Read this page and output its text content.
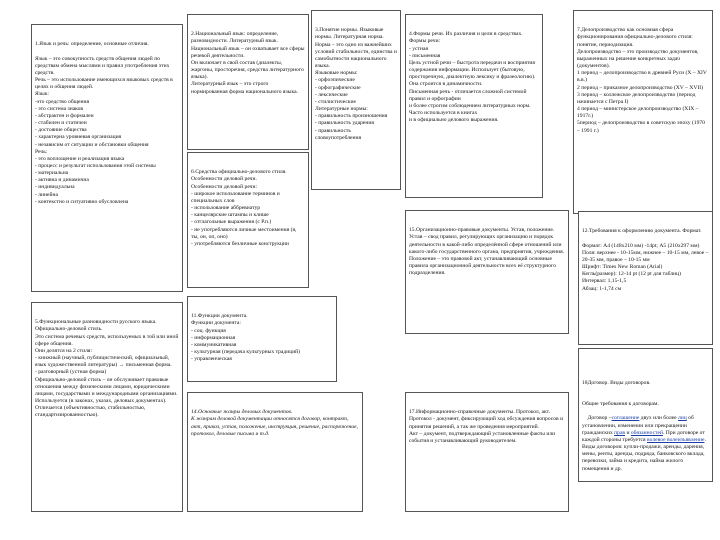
1.Язык и речь: определение, основные отличия.

Язык – это совокупность средств общения людей по средствам обмена мыслями и правил употребления этих средств.
Речь – это использование имеющихся языковых средств в целях и общения людей.
Язык:
-это средство общения
- это система знаков
- абстрактен и формален
- стабилен и статичен
- достояние общества
- характерна уровневая организация
- независим от ситуации и обстановки общения
Речь:
- это воплощение и реализация языка
- процесс и результат использования этой системы
- материальна
- активна и динамична
- индивидуальна
- линейна
- контекстно и ситуативно обусловлена

2.Национальный язык: определение, разновидности. Литературный язык.
Национальный язык – он охватывает все сферы речевой деятельности.
Он включает в свой состав (диалекты, жаргоны, просторечия, средства литературного языка).
Литературный язык – это строго нормированная форма национального языка.

3.Понятие нормы. Языковые нормы. Литературная норма.
Норма – это одно из важнейших условий стабильности, единства и самобытности национального языка.
Языковые нормы:
- орфоэпические
- орфографические
- лексические
- стилистические
Литературные нормы:
- правильность произношения
- правильность ударения
- правильность словоупотребления

4.Формы речи. Их различия и цели в средствах.
Формы речи:
- устная
- письменная
Цель устной речи – быстрота передачи и восприятия содержания информации. Использует (бытовую, просторечную, диалектную лексику и фразеологию). Она строится в динамичности.
Письменная речь - отличается сложной системой правил и орфографии
и более строгим соблюдением литературных норм. Часто используется в книгах
и в официально делового выражения.

7.Делопроизводство как основная сфера функционирования официально-делового стиля: понятие, периодизация.
Делопроизводство – это производство документов, выраженных на решение конкретных задач (документов).
1 период – делопроизводство в древней Руси (X – XIV в.в.)
2 период – приказное делопроизводство (XV – XVII)
3 период – коллежское делопроизводство (период начинается с Петра I)
4 период – министерское делопроизводство (XIX – 1917г.)
5период – делопроизводство в советскую эпоху (1970 – 1991 г.)

6.Средства официально-делового стиля. Особенности деловой речи.
Особенности деловой речи:
- широкое использование терминов и специальных слов
- использование аббревиатур
- канцелярские штампы и клише
- отглагольные выражения (с Р.п.)
- не употребляются личные местоимения (я, ты, он, оп, оно)
- употребляются безличные конструкции

15.Организационно-правовые документы. Устав, положение.
Устав – свод правил, регулирующих организацию и порядок деятельности в какой-либо определённой сфере отношений или какого-либо государственного органа, предприятия, учреждения.
Положение – это правовой акт, устанавливающий основные правила организационной деятельности всех её структурного подразделения.

12.Требования к оформлению документа. Формат.

Формат: А4 (148х210 мм) -14pt; А5 (210х297 мм)
Поля: верхнее - 10-15мм, нижнее – 10-15 мм, левое – 20-35 мм, правое – 10-15 мм
Шрифт: Times New Roman (Arial)
Кегль(размер): 12-14 pt (12 pt для таблиц)
Интервал: 1,15-1,5
Абзац: 1-1,74 см

11.Функции документа.
Функции документа:
- соц. функция
- информационная
- коммуникативная
- культурная (передача культурных традиций)
- управленческая

5.Функциональные разновидности русского языка. Официально-деловой стиль.
Это система речевых средств, используемых в той или иной сфере общения.
Они делятся на 2 стиля:
- книжный (научный, публицистический, официальный, язык художественной литературы) → письменная форма.
- разговорный (устная форма)
Официально-деловой стиль – он обслуживает правовые отношения между физическими лицами, юридическими лицами, государствами и международными организациями.
Используется (в законах, указах, деловых документах).
Отличается (объективностью, стабильностью, стандартизированностью).

18Договор. Виды договоров.

Общие требования к договорам.

Договор –соглашение двух или более лиц об установлении, изменении или прекращении гражданских прав и обязанностей. При договоре от каждой стороны требуется волевое волеизъявление. Виды договоров: купли-продажи, аренды, дарения, мены, ренты, аренды, подряда, банковского вклада, перевозки, займа и кредита, найма жилого помещения и др.

14.Основные жанры деловых документов.
К жанрам деловой документации относятся договор, контракт, акт, приказ, устав, положение, инструкция, решение, распоряжение, протокол, деловые письма и т.д.

17.Информационно-справочные документы. Протокол, акт.
Протокол - документ, фиксирующий ход обсуждения вопросов и принятия решений, а так же проведения мероприятий.
Акт – документ, подтверждающий установленные факты или события и устанавливающий руководителем.
